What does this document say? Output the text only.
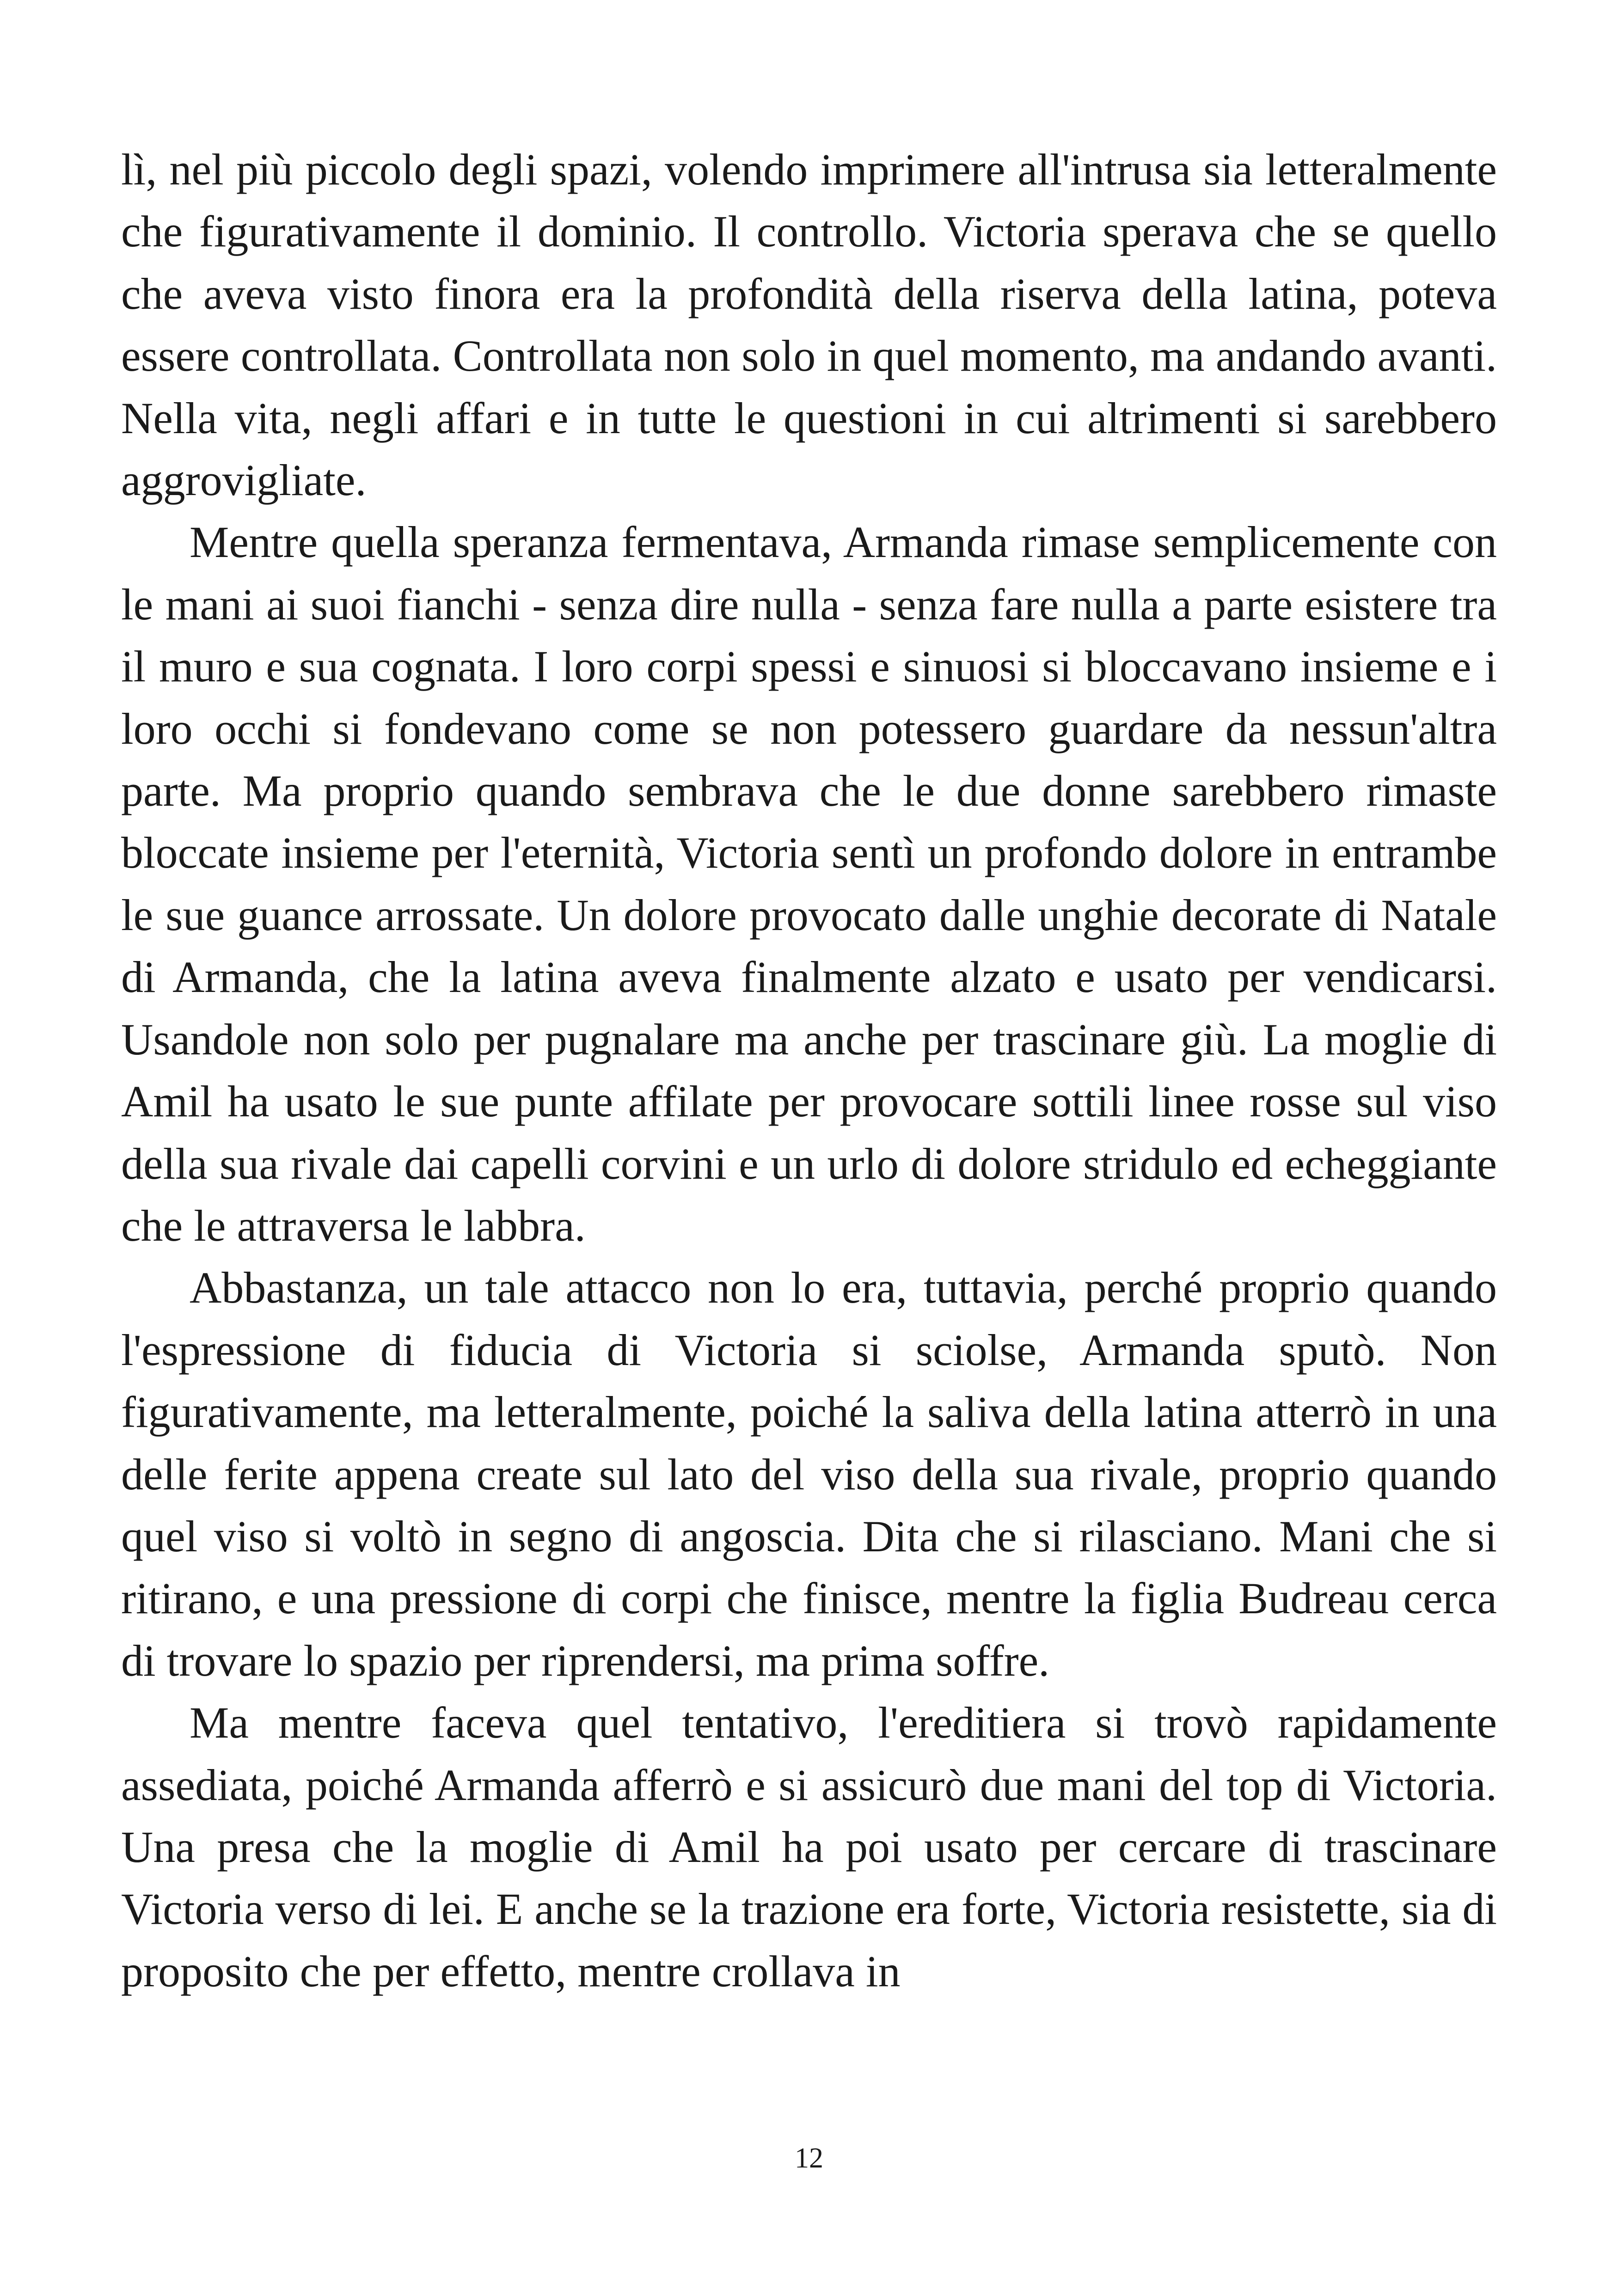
lì, nel più piccolo degli spazi, volendo imprimere all'intrusa sia letteralmente che figurativamente il dominio. Il controllo. Victoria sperava che se quello che aveva visto finora era la profondità della riserva della latina, poteva essere controllata. Controllata non solo in quel momento, ma andando avanti. Nella vita, negli affari e in tutte le questioni in cui altrimenti si sarebbero aggrovigliate.

Mentre quella speranza fermentava, Armanda rimase semplicemente con le mani ai suoi fianchi - senza dire nulla - senza fare nulla a parte esistere tra il muro e sua cognata. I loro corpi spessi e sinuosi si bloccavano insieme e i loro occhi si fondevano come se non potessero guardare da nessun'altra parte. Ma proprio quando sembrava che le due donne sarebbero rimaste bloccate insieme per l'eternità, Victoria sentì un profondo dolore in entrambe le sue guance arrossate. Un dolore provocato dalle unghie decorate di Natale di Armanda, che la latina aveva finalmente alzato e usato per vendicarsi. Usandole non solo per pugnalare ma anche per trascinare giù. La moglie di Amil ha usato le sue punte affilate per provocare sottili linee rosse sul viso della sua rivale dai capelli corvini e un urlo di dolore stridulo ed echeggiante che le attraversa le labbra.

Abbastanza, un tale attacco non lo era, tuttavia, perché proprio quando l'espressione di fiducia di Victoria si sciolse, Armanda sputò. Non figurativamente, ma letteralmente, poiché la saliva della latina atterrò in una delle ferite appena create sul lato del viso della sua rivale, proprio quando quel viso si voltò in segno di angoscia. Dita che si rilasciano. Mani che si ritirano, e una pressione di corpi che finisce, mentre la figlia Budreau cerca di trovare lo spazio per riprendersi, ma prima soffre.

Ma mentre faceva quel tentativo, l'ereditiera si trovò rapidamente assediata, poiché Armanda afferrò e si assicurò due mani del top di Victoria. Una presa che la moglie di Amil ha poi usato per cercare di trascinare Victoria verso di lei. E anche se la trazione era forte, Victoria resistette, sia di proposito che per effetto, mentre crollava in

12
